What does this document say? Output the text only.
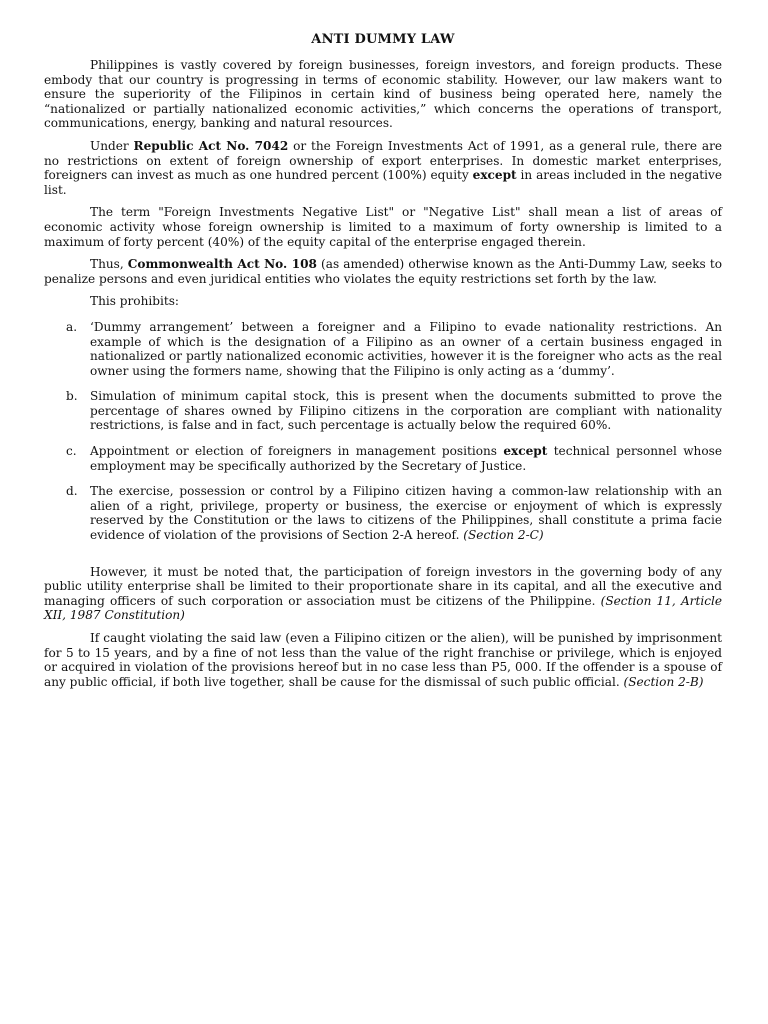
ANTI DUMMY LAW

Philippines is vastly covered by foreign businesses, foreign investors, and foreign products. These embody that our country is progressing in terms of economic stability. However, our law makers want to ensure the superiority of the Filipinos in certain kind of business being operated here, namely the “nationalized or partially nationalized economic activities,” which concerns the operations of transport, communications, energy, banking and natural resources.

Under Republic Act No. 7042 or the Foreign Investments Act of 1991, as a general rule, there are no restrictions on extent of foreign ownership of export enterprises. In domestic market enterprises, foreigners can invest as much as one hundred percent (100%) equity except in areas included in the negative list.

The term "Foreign Investments Negative List" or "Negative List" shall mean a list of areas of economic activity whose foreign ownership is limited to a maximum of forty ownership is limited to a maximum of forty percent (40%) of the equity capital of the enterprise engaged therein.

Thus, Commonwealth Act No. 108 (as amended) otherwise known as the Anti-Dummy Law, seeks to penalize persons and even juridical entities who violates the equity restrictions set forth by the law.

This prohibits:

a. ‘Dummy arrangement’ between a foreigner and a Filipino to evade nationality restrictions. An example of which is the designation of a Filipino as an owner of a certain business engaged in nationalized or partly nationalized economic activities, however it is the foreigner who acts as the real owner using the formers name, showing that the Filipino is only acting as a ‘dummy’.
b. Simulation of minimum capital stock, this is present when the documents submitted to prove the percentage of shares owned by Filipino citizens in the corporation are compliant with nationality restrictions, is false and in fact, such percentage is actually below the required 60%.
c. Appointment or election of foreigners in management positions except technical personnel whose employment may be specifically authorized by the Secretary of Justice.
d. The exercise, possession or control by a Filipino citizen having a common-law relationship with an alien of a right, privilege, property or business, the exercise or enjoyment of which is expressly reserved by the Constitution or the laws to citizens of the Philippines, shall constitute a prima facie evidence of violation of the provisions of Section 2-A hereof. (Section 2-C)

However, it must be noted that, the participation of foreign investors in the governing body of any public utility enterprise shall be limited to their proportionate share in its capital, and all the executive and managing officers of such corporation or association must be citizens of the Philippine. (Section 11, Article XII, 1987 Constitution)

If caught violating the said law (even a Filipino citizen or the alien), will be punished by imprisonment for 5 to 15 years, and by a fine of not less than the value of the right franchise or privilege, which is enjoyed or acquired in violation of the provisions hereof but in no case less than P5, 000. If the offender is a spouse of any public official, if both live together, shall be cause for the dismissal of such public official. (Section 2-B)
